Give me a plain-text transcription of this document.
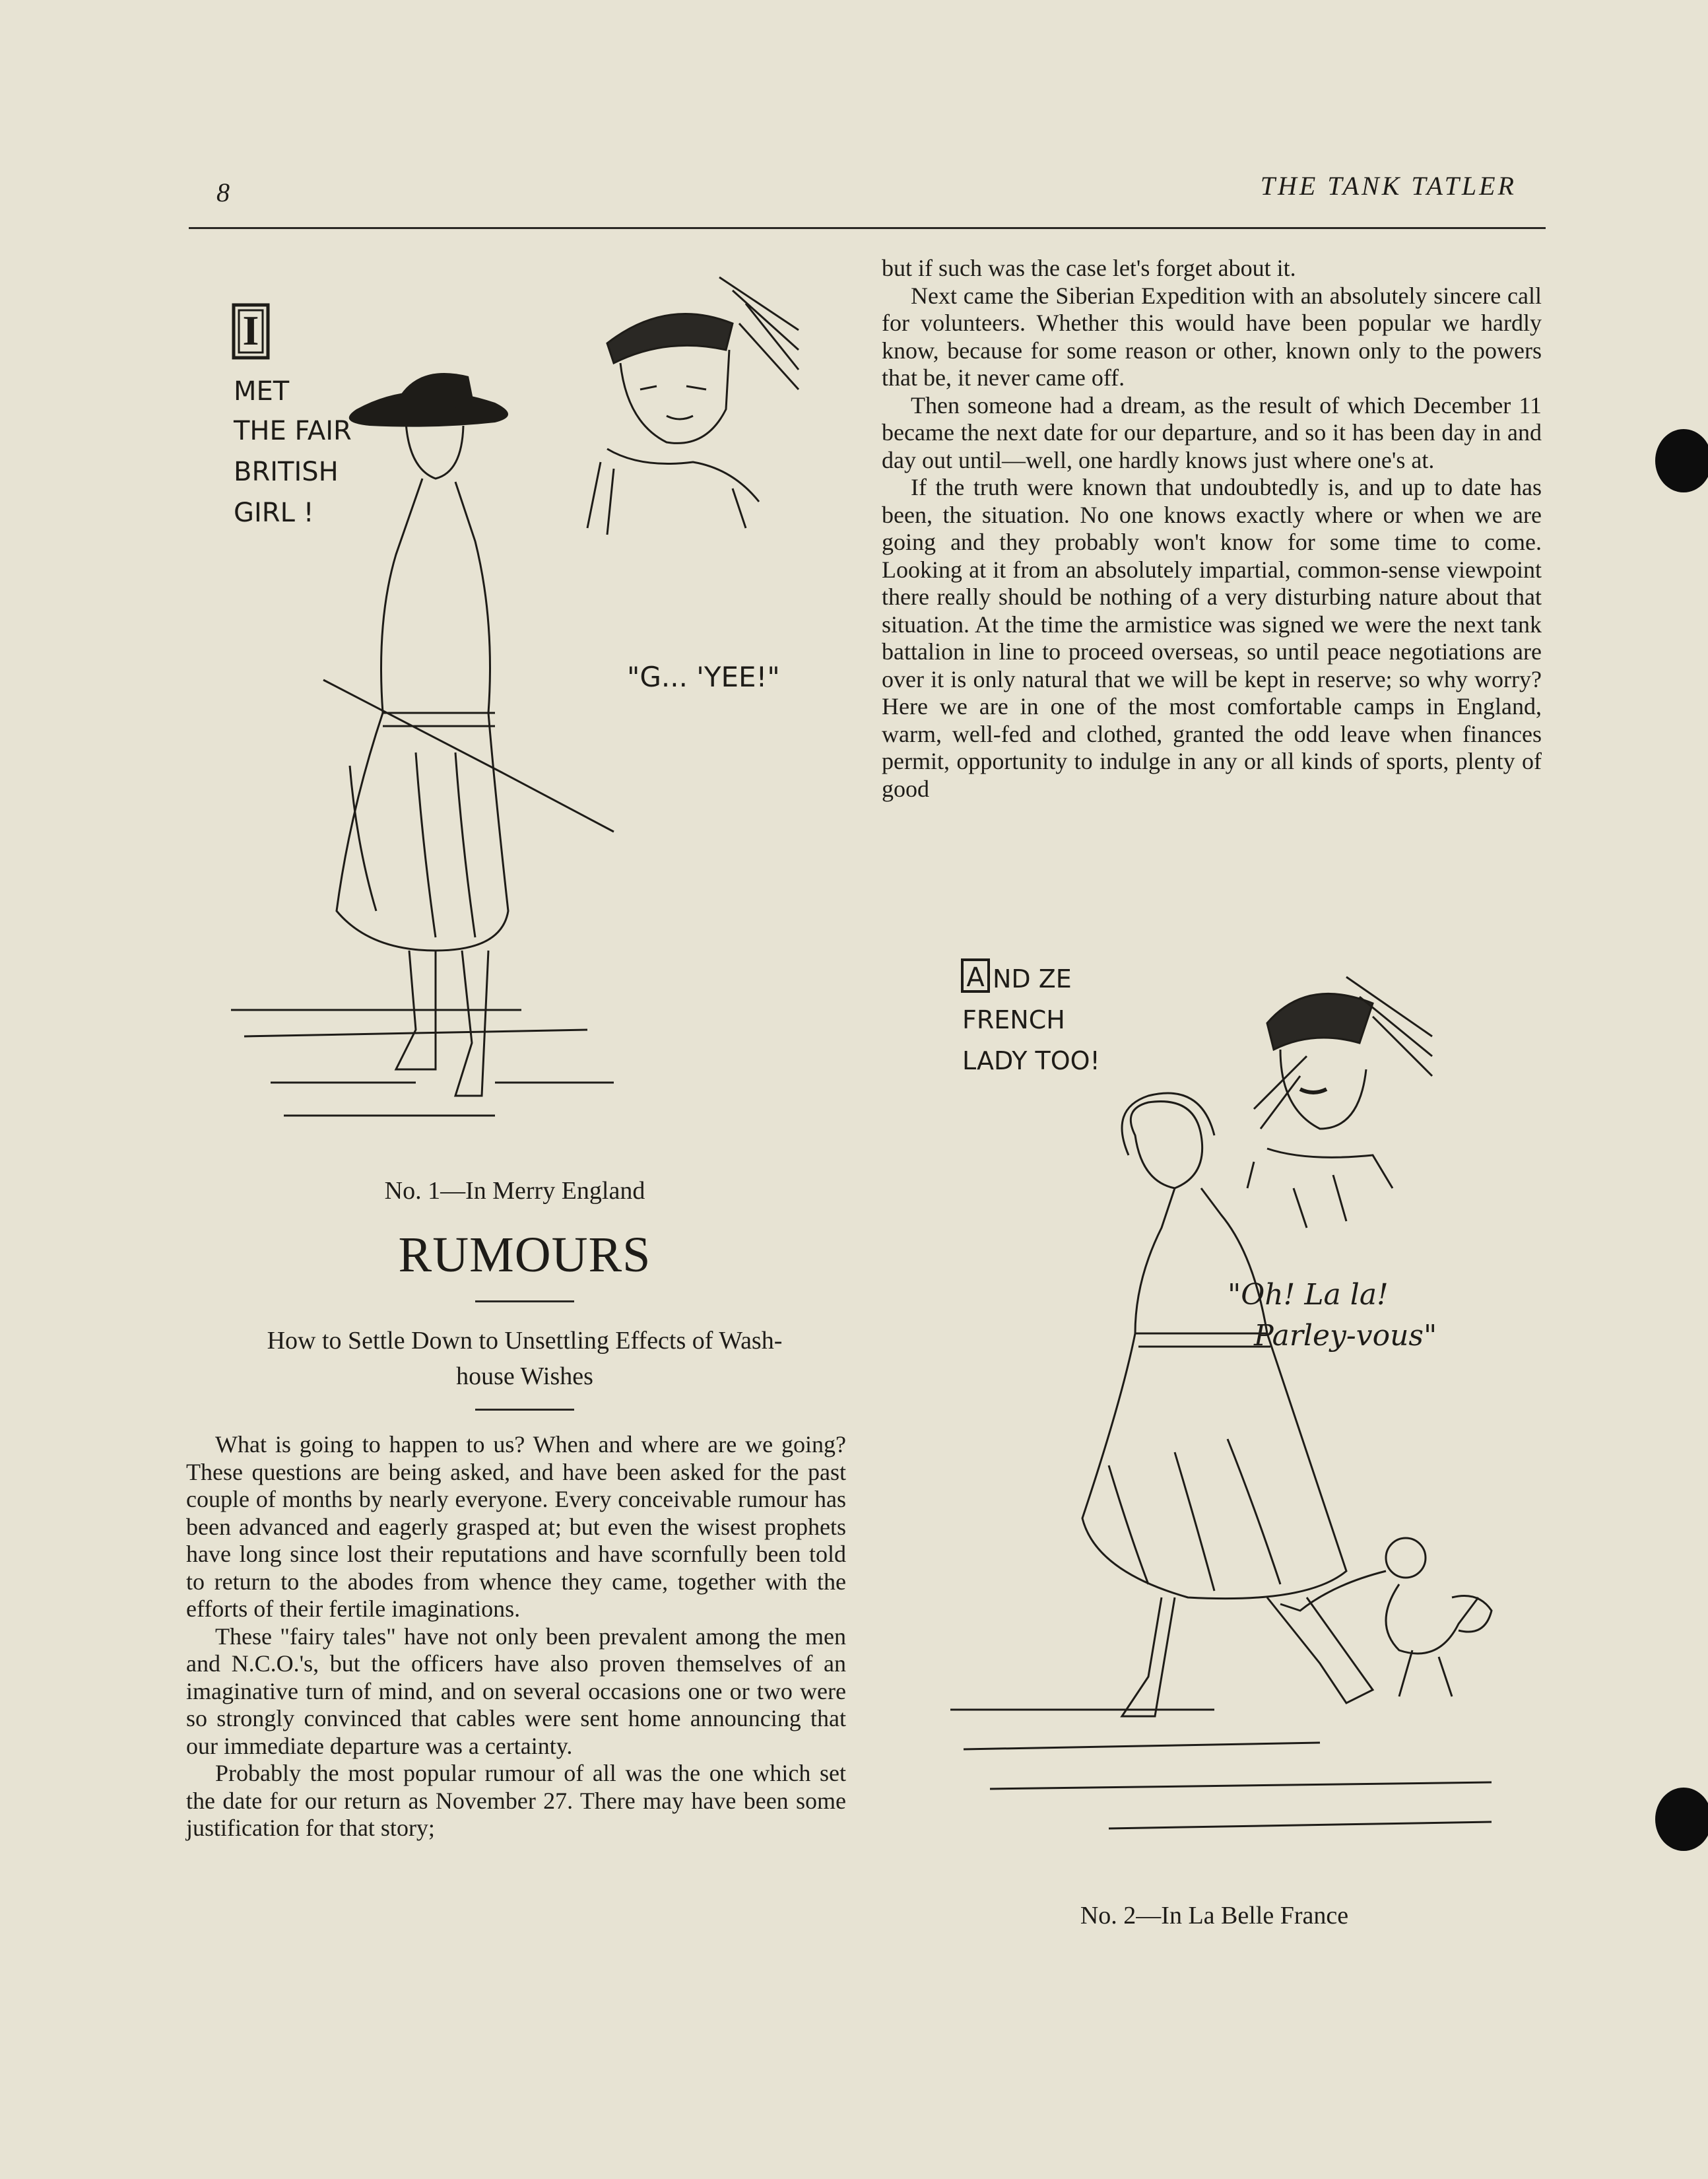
8	THE TANK TATLER
I
MET
THE FAIR
BRITISH
GIRL !
"G... 'YEE!"
No. 1—In Merry England
RUMOURS
How to Settle Down to Unsettling Effects of Wash-
house Wishes

What is going to happen to us? When and where are we going? These questions are being asked, and have been asked for the past couple of months by nearly everyone. Every conceivable rumour has been advanced and eagerly grasped at; but even the wisest prophets have long since lost their reputations and have scornfully been told to return to the abodes from whence they came, together with the efforts of their fertile imaginations.

These "fairy tales" have not only been prevalent among the men and N.C.O.'s, but the officers have also proven themselves of an imaginative turn of mind, and on several occasions one or two were so strongly convinced that cables were sent home announcing that our immediate departure was a certainty.

Probably the most popular rumour of all was the one which set the date for our return as November 27. There may have been some justification for that story;

but if such was the case let's forget about it.

Next came the Siberian Expedition with an absolutely sincere call for volunteers. Whether this would have been popular we hardly know, because for some reason or other, known only to the powers that be, it never came off.

Then someone had a dream, as the result of which December 11 became the next date for our departure, and so it has been day in and day out until—well, one hardly knows just where one's at.

If the truth were known that undoubtedly is, and up to date has been, the situation. No one knows exactly where or when we are going and they probably won't know for some time to come. Looking at it from an absolutely impartial, common-sense viewpoint there really should be nothing of a very disturbing nature about that situation. At the time the armistice was signed we were the next tank battalion in line to proceed overseas, so until peace negotiations are over it is only natural that we will be kept in reserve; so why worry? Here we are in one of the most comfortable camps in England, warm, well-fed and clothed, granted the odd leave when finances permit, opportunity to indulge in any or all kinds of sports, plenty of good

A ND ZE
FRENCH
LADY TOO!
"Oh! La la!
Parley-vous"
No. 2—In La Belle France
